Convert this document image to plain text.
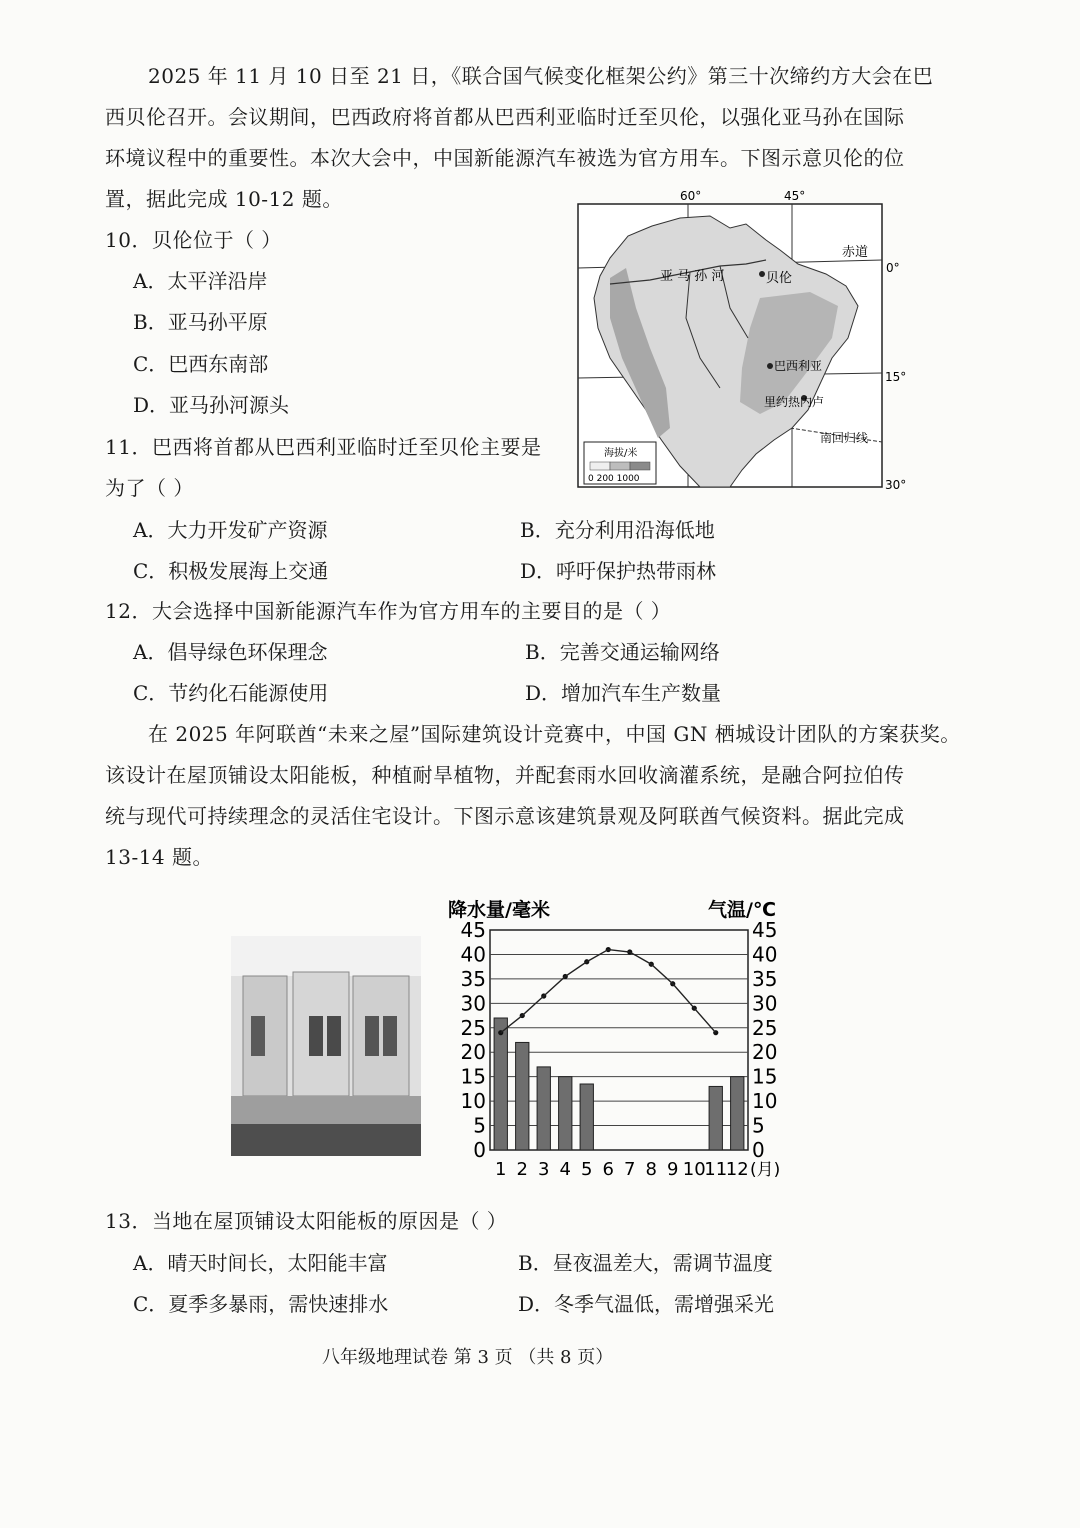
2025 年 11 月 10 日至 21 日，《联合国气候变化框架公约》第三十次缔约方大会在巴
西贝伦召开。会议期间，巴西政府将首都从巴西利亚临时迁至贝伦，以强化亚马孙在国际
环境议程中的重要性。本次大会中，中国新能源汽车被选为官方用车。下图示意贝伦的位
置，据此完成 10-12 题。
10．贝伦位于（ ）
A．太平洋沿岸
B．亚马孙平原
C．巴西东南部
D．亚马孙河源头
11．巴西将首都从巴西利亚临时迁至贝伦主要是
为了（ ）
A．大力开发矿产资源	B．充分利用沿海低地
C．积极发展海上交通	D．呼吁保护热带雨林
12．大会选择中国新能源汽车作为官方用车的主要目的是（ ）
A．倡导绿色环保理念	B．完善交通运输网络
C．节约化石能源使用	D．增加汽车生产数量
在 2025 年阿联酋“未来之屋”国际建筑设计竞赛中，中国 GN 栖城设计团队的方案获奖。
该设计在屋顶铺设太阳能板，种植耐旱植物，并配套雨水回收滴灌系统，是融合阿拉伯传
统与现代可持续理念的灵活住宅设计。下图示意该建筑景观及阿联酋气候资料。据此完成
13-14 题。
13．当地在屋顶铺设太阳能板的原因是（ ）
A．晴天时间长，太阳能丰富	B．昼夜温差大，需调节温度
C．夏季多暴雨，需快速排水	D．冬季气温低，需增强采光
八年级地理试卷 第 3 页 （共 8 页）
60°	45°
0°
15°
30°
赤道
亚 马 孙 河	贝伦
巴西利亚
里约热内卢
南回归线
海拔/米
0 200 1000
降水量/毫米	气温/℃
0
5
10
15
20
25
30
35
40
45
0
5
10
15
20
25
30
35
40
45
1 2 3 4 5 6 7 8 9 10
11
12 (月)
